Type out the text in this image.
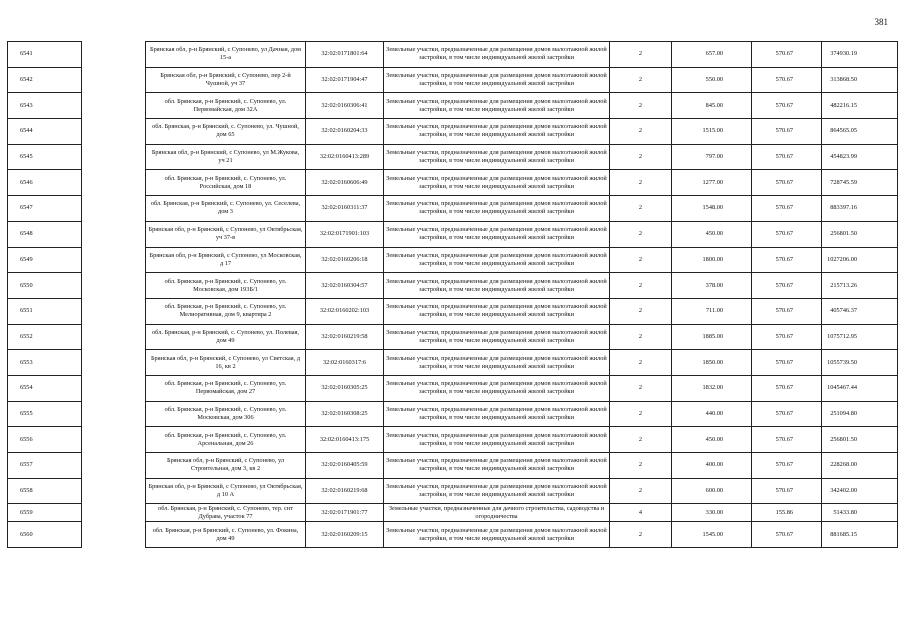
381
6541		Брянская обл, р-н Брянский, с Супонево, ул Дачная, дом 15-а	32:02:0171801:64	Земельные участки, предназначенные для размещения домов малоэтажной жилой застройки, в том числе индивидуальной жилой застройки	2	657.00	570.67	374930.19
6542		Брянская обл, р-н Брянский, с Супонево, пер 2-й Чушной, уч 37	32:02:0171904:47	Земельные участки, предназначенные для размещения домов малоэтажной жилой застройки, в том числе индивидуальной жилой застройки	2	550.00	570.67	313868.50
6543		обл. Брянская, р-н Брянский, с. Супонево, ул. Первомайская, дом 32А	32:02:0160306:41	Земельные участки, предназначенные для размещения домов малоэтажной жилой застройки, в том числе индивидуальной жилой застройки	2	845.00	570.67	482216.15
6544		обл. Брянская, р-н Брянский, с. Супонево, ул. Чушной, дом 65	32:02:0160204:33	Земельные участки, предназначенные для размещения домов малоэтажной жилой застройки, в том числе индивидуальной жилой застройки	2	1515.00	570.67	864565.05
6545		Брянская обл, р-н Брянский, с Супонево, ул М.Жукова, уч 21	32:02:0160413:289	Земельные участки, предназначенные для размещения домов малоэтажной жилой застройки, в том числе индивидуальной жилой застройки	2	797.00	570.67	454823.99
6546		обл. Брянская, р-н Брянский, с. Супонево, ул. Российская, дом 18	32:02:0160606:49	Земельные участки, предназначенные для размещения домов малоэтажной жилой застройки, в том числе индивидуальной жилой застройки	2	1277.00	570.67	728745.59
6547		обл. Брянская, р-н Брянский, с. Супонево, ул. Сеселева, дом 3	32:02:0160311:37	Земельные участки, предназначенные для размещения домов малоэтажной жилой застройки, в том числе индивидуальной жилой застройки	2	1548.00	570.67	883397.16
6548		Брянская обл, р-н Брянский, с Супонево, ул Октябрьская, уч 37-в	32:02:0171901:103	Земельные участки, предназначенные для размещения домов малоэтажной жилой застройки, в том числе индивидуальной жилой застройки	2	450.00	570.67	256801.50
6549		Брянская обл, р-н Брянский, с Супонево, ул Московская, д 17	32:02:0160206:18	Земельные участки, предназначенные для размещения домов малоэтажной жилой застройки, в том числе индивидуальной жилой застройки	2	1800.00	570.67	1027206.00
6550		обл. Брянская, р-н Брянский, с. Супонево, ул. Московская, дом 193Б/1	32:02:0160304:57	Земельные участки, предназначенные для размещения домов малоэтажной жилой застройки, в том числе индивидуальной жилой застройки	2	378.00	570.67	215713.26
6551		обл. Брянская, р-н Брянский, с. Супонево, ул. Мелиоративная, дом 9, квартира 2	32:02:0160202:103	Земельные участки, предназначенные для размещения домов малоэтажной жилой застройки, в том числе индивидуальной жилой застройки	2	711.00	570.67	405746.37
6552		обл. Брянская, р-н Брянский, с. Супонево, ул. Полевая, дом 49	32:02:0160219:58	Земельные участки, предназначенные для размещения домов малоэтажной жилой застройки, в том числе индивидуальной жилой застройки	2	1885.00	570.67	1075712.95
6553		Брянская обл, р-н Брянский, с Супонево, ул Светская, д 16, кв 2	32:02:0160317:6	Земельные участки, предназначенные для размещения домов малоэтажной жилой застройки, в том числе индивидуальной жилой застройки	2	1850.00	570.67	1055739.50
6554		обл. Брянская, р-н Брянский, с. Супонево, ул. Первомайская, дом 27	32:02:0160305:25	Земельные участки, предназначенные для размещения домов малоэтажной жилой застройки, в том числе индивидуальной жилой застройки	2	1832.00	570.67	1045467.44
6555		обл. Брянская, р-н Брянский, с. Супонево, ул. Московская, дом 306	32:02:0160308:25	Земельные участки, предназначенные для размещения домов малоэтажной жилой застройки, в том числе индивидуальной жилой застройки	2	440.00	570.67	251094.80
6556		обл. Брянская, р-н Брянский, с. Супонево, ул. Арсенальная, дом 26	32:02:0160413:175	Земельные участки, предназначенные для размещения домов малоэтажной жилой застройки, в том числе индивидуальной жилой застройки	2	450.00	570.67	256801.50
6557		Брянская обл, р-н Брянский, с Супонево, ул Строительная, дом 3, кв 2	32:02:0160405:59	Земельные участки, предназначенные для размещения домов малоэтажной жилой застройки, в том числе индивидуальной жилой застройки	2	400.00	570.67	228268.00
6558		Брянская обл, р-н Брянский, с Супонево, ул Октябрьская, д 10 А	32:02:0160219:68	Земельные участки, предназначенные для размещения домов малоэтажной жилой застройки, в том числе индивидуальной жилой застройки	2	600.00	570.67	342402.00
6559		обл. Брянская, р-н Брянский, с. Супонево, тер. снт Дубрава, участок 77	32:02:0171901:77	Земельные участки, предназначенные для дачного строительства, садоводства и огородничества	4	330.00	155.86	51433.80
6560		обл. Брянская, р-н Брянский, с. Супонево, ул. Фокина, дом 49	32:02:0160209:15	Земельные участки, предназначенные для размещения домов малоэтажной жилой застройки, в том числе индивидуальной жилой застройки	2	1545.00	570.67	881685.15
